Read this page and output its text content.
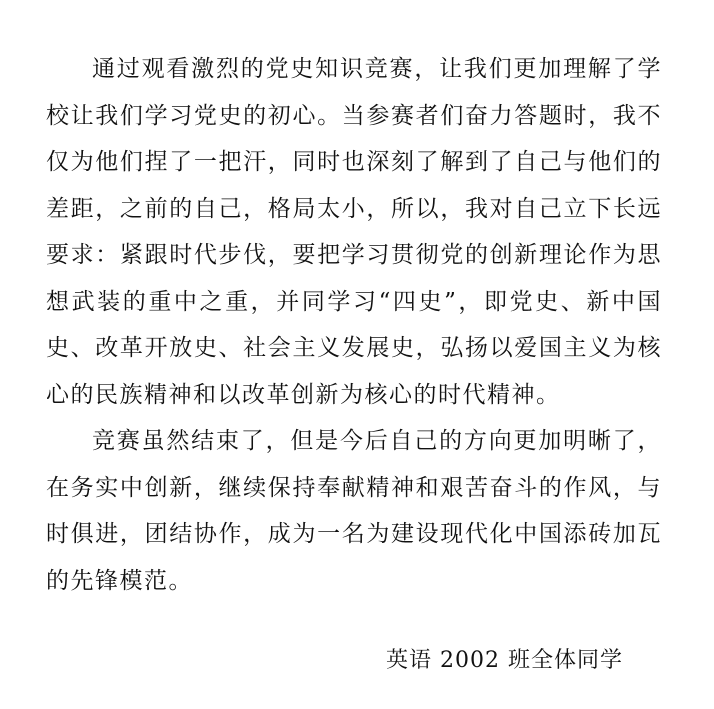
通过观看激烈的党史知识竞赛，让我们更加理解了学校让我们学习党史的初心。当参赛者们奋力答题时，我不仅为他们捏了一把汗，同时也深刻了解到了自己与他们的差距，之前的自己，格局太小，所以，我对自己立下长远要求：紧跟时代步伐，要把学习贯彻党的创新理论作为思想武装的重中之重，并同学习“四史”，即党史、新中国史、改革开放史、社会主义发展史，弘扬以爱国主义为核心的民族精神和以改革创新为核心的时代精神。

竞赛虽然结束了，但是今后自己的方向更加明晰了，在务实中创新，继续保持奉献精神和艰苦奋斗的作风，与时俱进，团结协作，成为一名为建设现代化中国添砖加瓦的先锋模范。

英语 2002 班全体同学
